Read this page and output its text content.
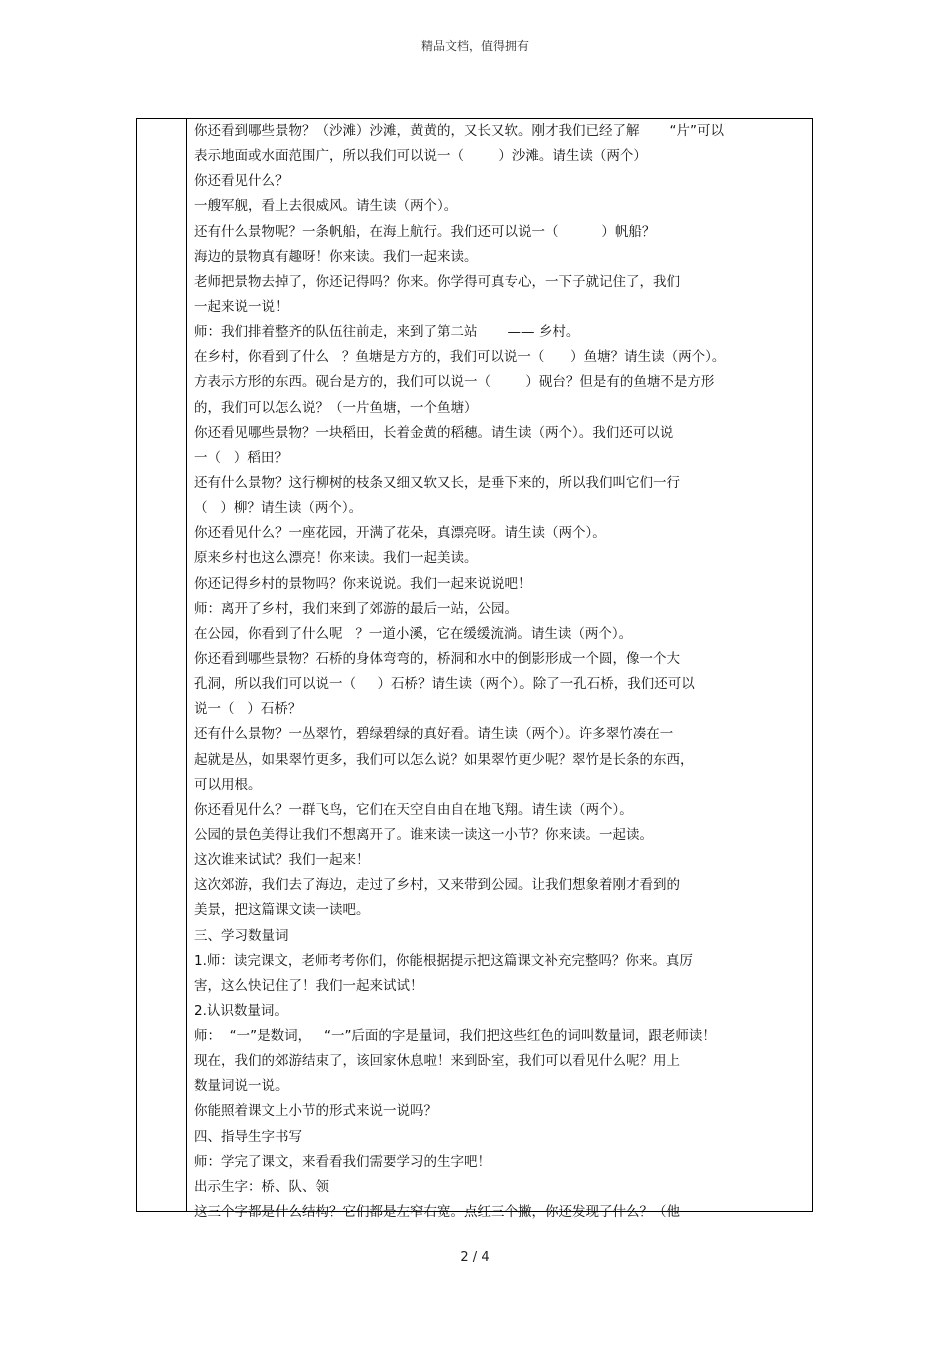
精品文档，值得拥有
你还看到哪些景物？（沙滩）沙滩，黄黄的，又长又软。刚才我们已经了解       “片”可以
表示地面或水面范围广，所以我们可以说一（        ）沙滩。请生读（两个）
你还看见什么？
一艘军舰，看上去很威风。请生读（两个）。
还有什么景物呢？一条帆船，在海上航行。我们还可以说一（          ）帆船？
海边的景物真有趣呀！你来读。我们一起来读。
老师把景物去掉了，你还记得吗？你来。你学得可真专心，一下子就记住了，我们
一起来说一说！
师：我们排着整齐的队伍往前走，来到了第二站       —— 乡村。
在乡村，你看到了什么   ？鱼塘是方方的，我们可以说一（      ）鱼塘？请生读（两个）。
方表示方形的东西。砚台是方的，我们可以说一（        ）砚台？但是有的鱼塘不是方形
的，我们可以怎么说？（一片鱼塘，一个鱼塘）
你还看见哪些景物？一块稻田，长着金黄的稻穗。请生读（两个）。我们还可以说
一（   ）稻田？
还有什么景物？这行柳树的枝条又细又软又长，是垂下来的，所以我们叫它们一行
（   ）柳？请生读（两个）。
你还看见什么？一座花园，开满了花朵，真漂亮呀。请生读（两个）。
原来乡村也这么漂亮！你来读。我们一起美读。
你还记得乡村的景物吗？你来说说。我们一起来说说吧！
师：离开了乡村，我们来到了郊游的最后一站，公园。
在公园，你看到了什么呢   ？一道小溪，它在缓缓流淌。请生读（两个）。
你还看到哪些景物？石桥的身体弯弯的，桥洞和水中的倒影形成一个圆，像一个大
孔洞，所以我们可以说一（     ）石桥？请生读（两个）。除了一孔石桥，我们还可以
说一（   ）石桥？
还有什么景物？一丛翠竹，碧绿碧绿的真好看。请生读（两个）。许多翠竹凑在一
起就是丛，如果翠竹更多，我们可以怎么说？如果翠竹更少呢？翠竹是长条的东西，
可以用根。
你还看见什么？一群飞鸟，它们在天空自由自在地飞翔。请生读（两个）。
公园的景色美得让我们不想离开了。谁来读一读这一小节？你来读。一起读。
这次谁来试试？我们一起来！
这次郊游，我们去了海边，走过了乡村，又来带到公园。让我们想象着刚才看到的
美景，把这篇课文读一读吧。
三、学习数量词
1.师：读完课文，老师考考你们，你能根据提示把这篇课文补充完整吗？你来。真厉
害，这么快记住了！我们一起来试试！
2.认识数量词。
师：  “一”是数词，   “一”后面的字是量词，我们把这些红色的词叫数量词，跟老师读！
现在，我们的郊游结束了，该回家休息啦！来到卧室，我们可以看见什么呢？用上
数量词说一说。
你能照着课文上小节的形式来说一说吗？
四、指导生字书写
师：学完了课文，来看看我们需要学习的生字吧！
出示生字：桥、队、领
这三个字都是什么结构？它们都是左窄右宽。点红三个撇，你还发现了什么？（他
2 / 4
